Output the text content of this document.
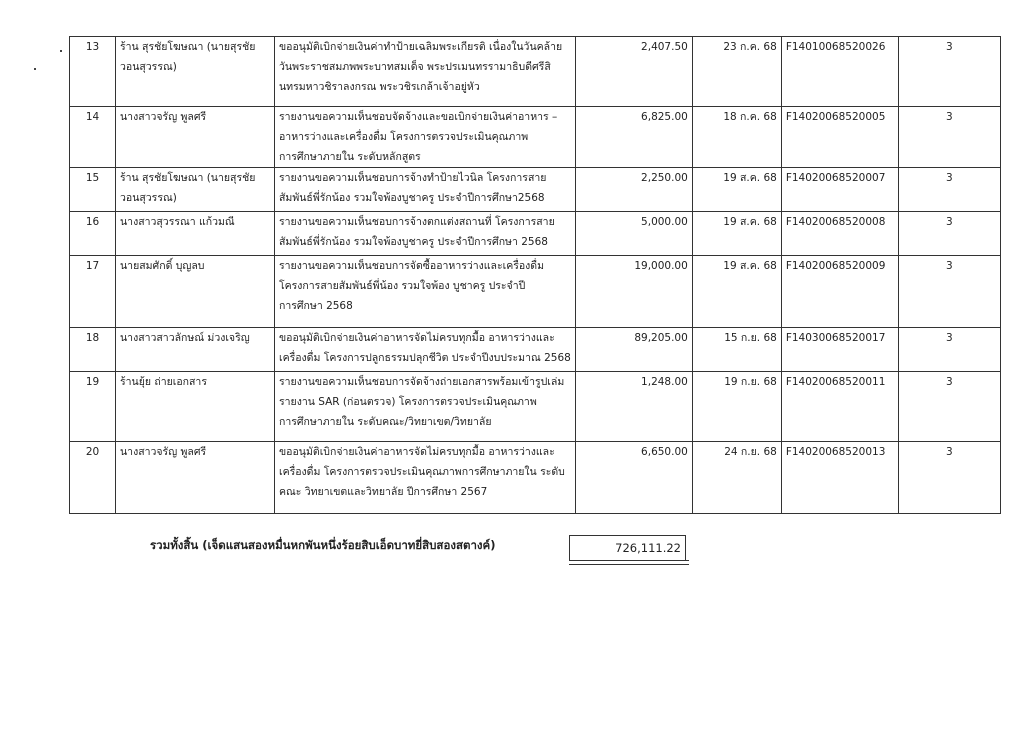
13	ร้าน สุรชัยโฆษณา (นายสุรชัย
วอนสุวรรณ)	ขออนุมัติเบิกจ่ายเงินค่าทำป้ายเฉลิมพระเกียรติ เนื่องในวันคล้าย
วันพระราชสมภพพระบาทสมเด็จ พระปรเมนทรรามาธิบดีศรีสิ
นทรมหาวชิราลงกรณ พระวชิรเกล้าเจ้าอยู่หัว	2,407.50	23 ก.ค. 68	F14010068520026	3
14	นางสาวจรัญ พูลศรี	รายงานขอความเห็นชอบจัดจ้างและขอเบิกจ่ายเงินค่าอาหาร –
อาหารว่างและเครื่องดื่ม โครงการตรวจประเมินคุณภาพ
การศึกษาภายใน ระดับหลักสูตร	6,825.00	18 ก.ค. 68	F14020068520005	3
15	ร้าน สุรชัยโฆษณา (นายสุรชัย
วอนสุวรรณ)	รายงานขอความเห็นชอบการจ้างทำป้ายไวนิล โครงการสาย
สัมพันธ์พี่รักน้อง รวมใจพ้องบูชาครู ประจำปีการศึกษา2568	2,250.00	19 ส.ค. 68	F14020068520007	3
16	นางสาวสุวรรณา แก้วมณี	รายงานขอความเห็นชอบการจ้างตกแต่งสถานที่ โครงการสาย
สัมพันธ์พี่รักน้อง รวมใจพ้องบูชาครู ประจำปีการศึกษา 2568	5,000.00	19 ส.ค. 68	F14020068520008	3
17	นายสมศักดิ์ บุญลบ	รายงานขอความเห็นชอบการจัดซื้ออาหารว่างและเครื่องดื่ม
โครงการสายสัมพันธ์พี่น้อง รวมใจพ้อง บูชาครู ประจำปี
การศึกษา 2568	19,000.00	19 ส.ค. 68	F14020068520009	3
18	นางสาวสาวลักษณ์ ม่วงเจริญ	ขออนุมัติเบิกจ่ายเงินค่าอาหารจัดไม่ครบทุกมื้อ อาหารว่างและ
เครื่องดื่ม โครงการปลูกธรรมปลุกชีวิต ประจำปีงบประมาณ 2568	89,205.00	15 ก.ย. 68	F14030068520017	3
19	ร้านยุ้ย ถ่ายเอกสาร	รายงานขอความเห็นชอบการจัดจ้างถ่ายเอกสารพร้อมเข้ารูปเล่ม
รายงาน SAR (ก่อนตรวจ) โครงการตรวจประเมินคุณภาพ
การศึกษาภายใน ระดับคณะ/วิทยาเขต/วิทยาลัย	1,248.00	19 ก.ย. 68	F14020068520011	3
20	นางสาวจรัญ พูลศรี	ขออนุมัติเบิกจ่ายเงินค่าอาหารจัดไม่ครบทุกมื้อ อาหารว่างและ
เครื่องดื่ม โครงการตรวจประเมินคุณภาพการศึกษาภายใน ระดับ
คณะ วิทยาเขตและวิทยาลัย ปีการศึกษา 2567	6,650.00	24 ก.ย. 68	F14020068520013	3
รวมทั้งสิ้น (เจ็ดแสนสองหมื่นหกพันหนึ่งร้อยสิบเอ็ดบาทยี่สิบสองสตางค์)	726,111.22
